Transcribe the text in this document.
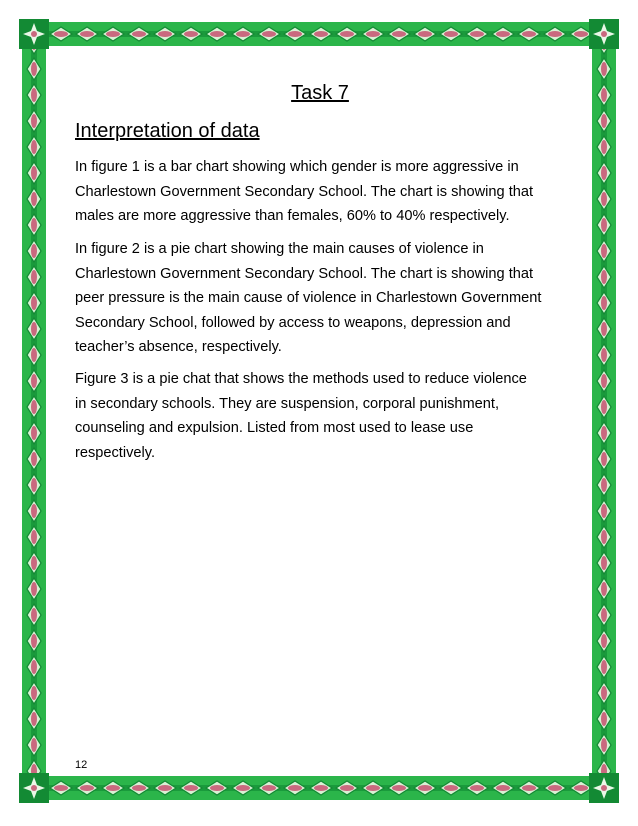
Task 7
Interpretation of data

In figure 1 is a bar chart showing which gender is more aggressive in
Charlestown Government Secondary School. The chart is showing that
males are more aggressive than females, 60% to 40% respectively.

In figure 2 is a pie chart showing the main causes of violence in
Charlestown Government Secondary School. The chart is showing that
peer pressure is the main cause of violence in Charlestown Government
Secondary School, followed by access to weapons, depression and
teacher’s absence, respectively.

Figure 3 is a pie chat that shows the methods used to reduce violence
in secondary schools. They are suspension, corporal punishment,
counseling and expulsion. Listed from most used to lease use
respectively.

12
